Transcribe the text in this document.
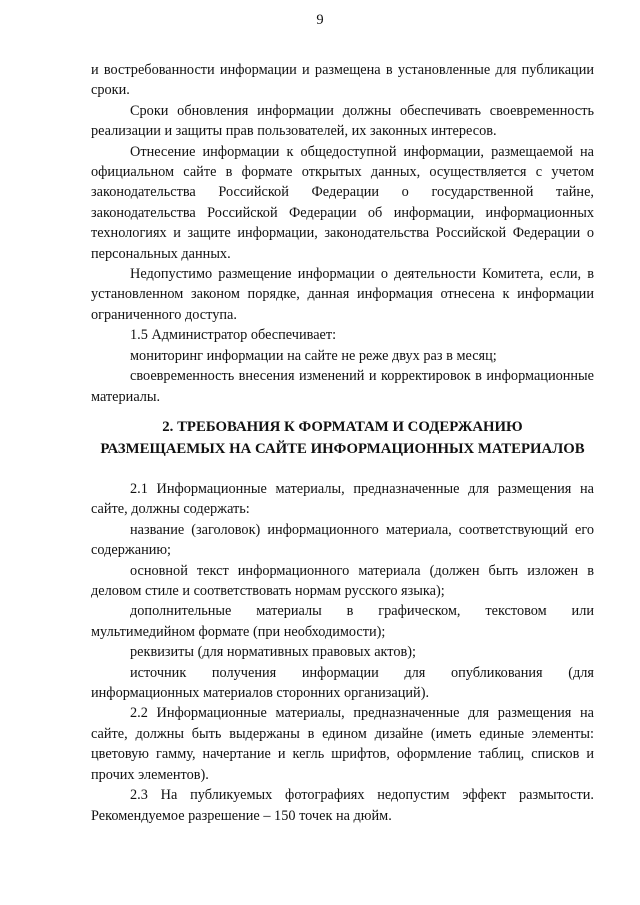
9

и востребованности информации и размещена в установленные для публикации сроки.

Сроки обновления информации должны обеспечивать своевременность реализации и защиты прав пользователей, их законных интересов.

Отнесение информации к общедоступной информации, размещаемой на официальном сайте в формате открытых данных, осуществляется с учетом законодательства Российской Федерации о государственной тайне, законодательства Российской Федерации об информации, информационных технологиях и защите информации, законодательства Российской Федерации о персональных данных.

Недопустимо размещение информации о деятельности Комитета, если, в установленном законом порядке, данная информация отнесена к информации ограниченного доступа.

1.5 Администратор обеспечивает:

мониторинг информации на сайте не реже двух раз в месяц;

своевременность внесения изменений и корректировок в информационные материалы.

2. ТРЕБОВАНИЯ К ФОРМАТАМ И СОДЕРЖАНИЮ
РАЗМЕЩАЕМЫХ НА САЙТЕ ИНФОРМАЦИОННЫХ МАТЕРИАЛОВ

2.1 Информационные материалы, предназначенные для размещения на сайте, должны содержать:

название (заголовок) информационного материала, соответствующий его содержанию;

основной текст информационного материала (должен быть изложен в деловом стиле и соответствовать нормам русского языка);

дополнительные материалы в графическом, текстовом или мультимедийном формате (при необходимости);

реквизиты (для нормативных правовых актов);

источник получения информации для опубликования (для информационных материалов сторонних организаций).

2.2 Информационные материалы, предназначенные для размещения на сайте, должны быть выдержаны в едином дизайне (иметь единые элементы: цветовую гамму, начертание и кегль шрифтов, оформление таблиц, списков и прочих элементов).

2.3 На публикуемых фотографиях недопустим эффект размытости. Рекомендуемое разрешение – 150 точек на дюйм.
